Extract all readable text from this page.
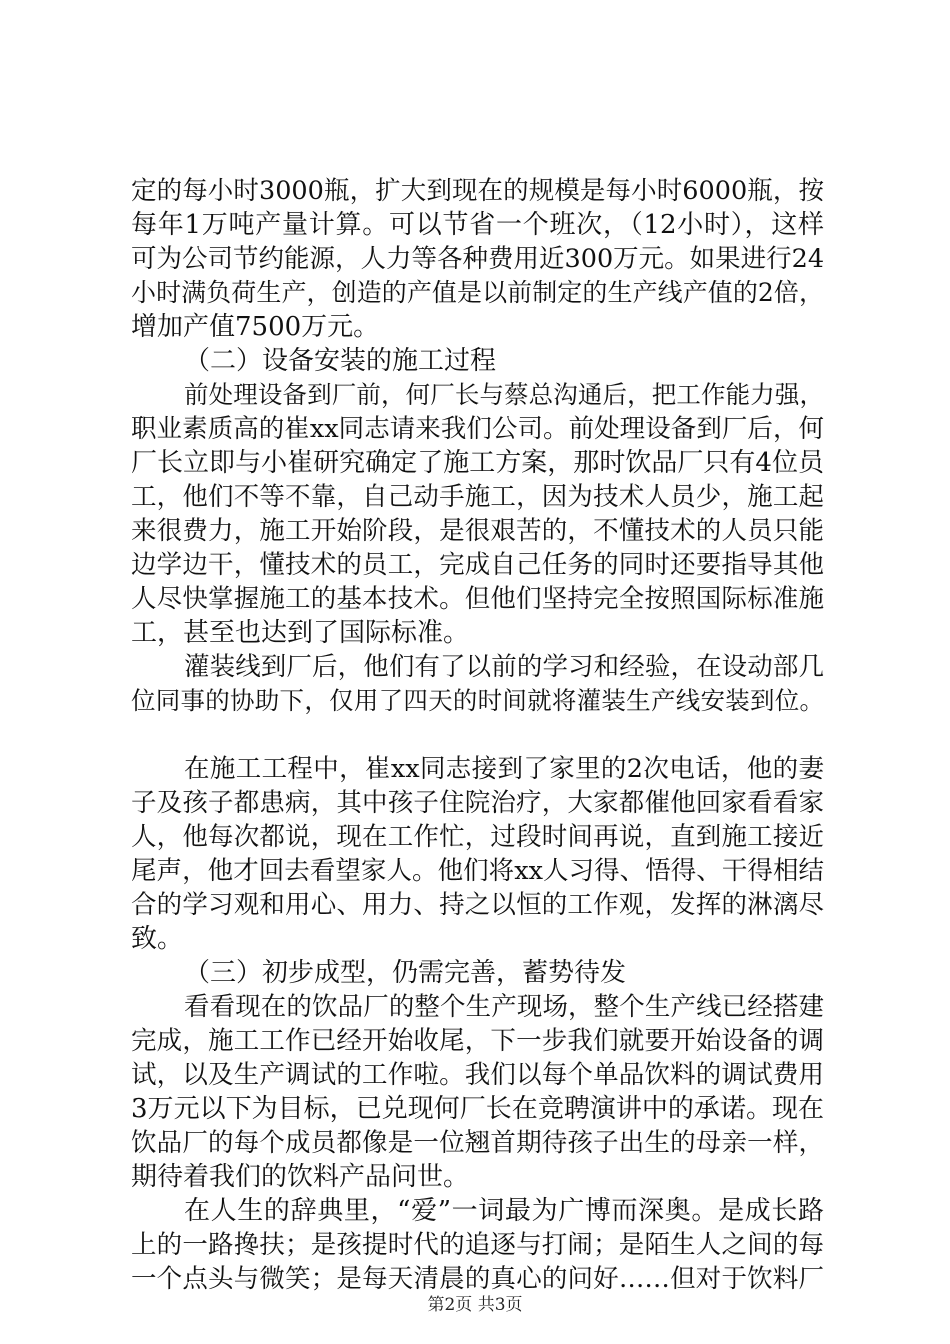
定的每小时3000瓶，扩大到现在的规模是每小时6000瓶，按
每年1万吨产量计算。可以节省一个班次，（12小时），这样
可为公司节约能源，人力等各种费用近300万元。如果进行24
小时满负荷生产，创造的产值是以前制定的生产线产值的2倍，
增加产值7500万元。
（二）设备安装的施工过程
前处理设备到厂前，何厂长与蔡总沟通后，把工作能力强，
职业素质高的崔xx同志请来我们公司。前处理设备到厂后，何
厂长立即与小崔研究确定了施工方案，那时饮品厂只有4位员
工，他们不等不靠，自己动手施工，因为技术人员少，施工起
来很费力，施工开始阶段，是很艰苦的，不懂技术的人员只能
边学边干，懂技术的员工，完成自己任务的同时还要指导其他
人尽快掌握施工的基本技术。但他们坚持完全按照国际标准施
工，甚至也达到了国际标准。
灌装线到厂后，他们有了以前的学习和经验，在设动部几
位同事的协助下，仅用了四天的时间就将灌装生产线安装到位。
在施工工程中，崔xx同志接到了家里的2次电话，他的妻
子及孩子都患病，其中孩子住院治疗，大家都催他回家看看家
人，他每次都说，现在工作忙，过段时间再说，直到施工接近
尾声，他才回去看望家人。他们将xx人习得、悟得、干得相结
合的学习观和用心、用力、持之以恒的工作观，发挥的淋漓尽
致。
（三）初步成型，仍需完善，蓄势待发
看看现在的饮品厂的整个生产现场，整个生产线已经搭建
完成，施工工作已经开始收尾，下一步我们就要开始设备的调
试，以及生产调试的工作啦。我们以每个单品饮料的调试费用
3万元以下为目标，已兑现何厂长在竞聘演讲中的承诺。现在
饮品厂的每个成员都像是一位翘首期待孩子出生的母亲一样，
期待着我们的饮料产品问世。
在人生的辞典里，“爱”一词最为广博而深奥。是成长路
上的一路搀扶；是孩提时代的追逐与打闹；是陌生人之间的每
一个点头与微笑；是每天清晨的真心的问好……但对于饮料厂
第2页 共3页
